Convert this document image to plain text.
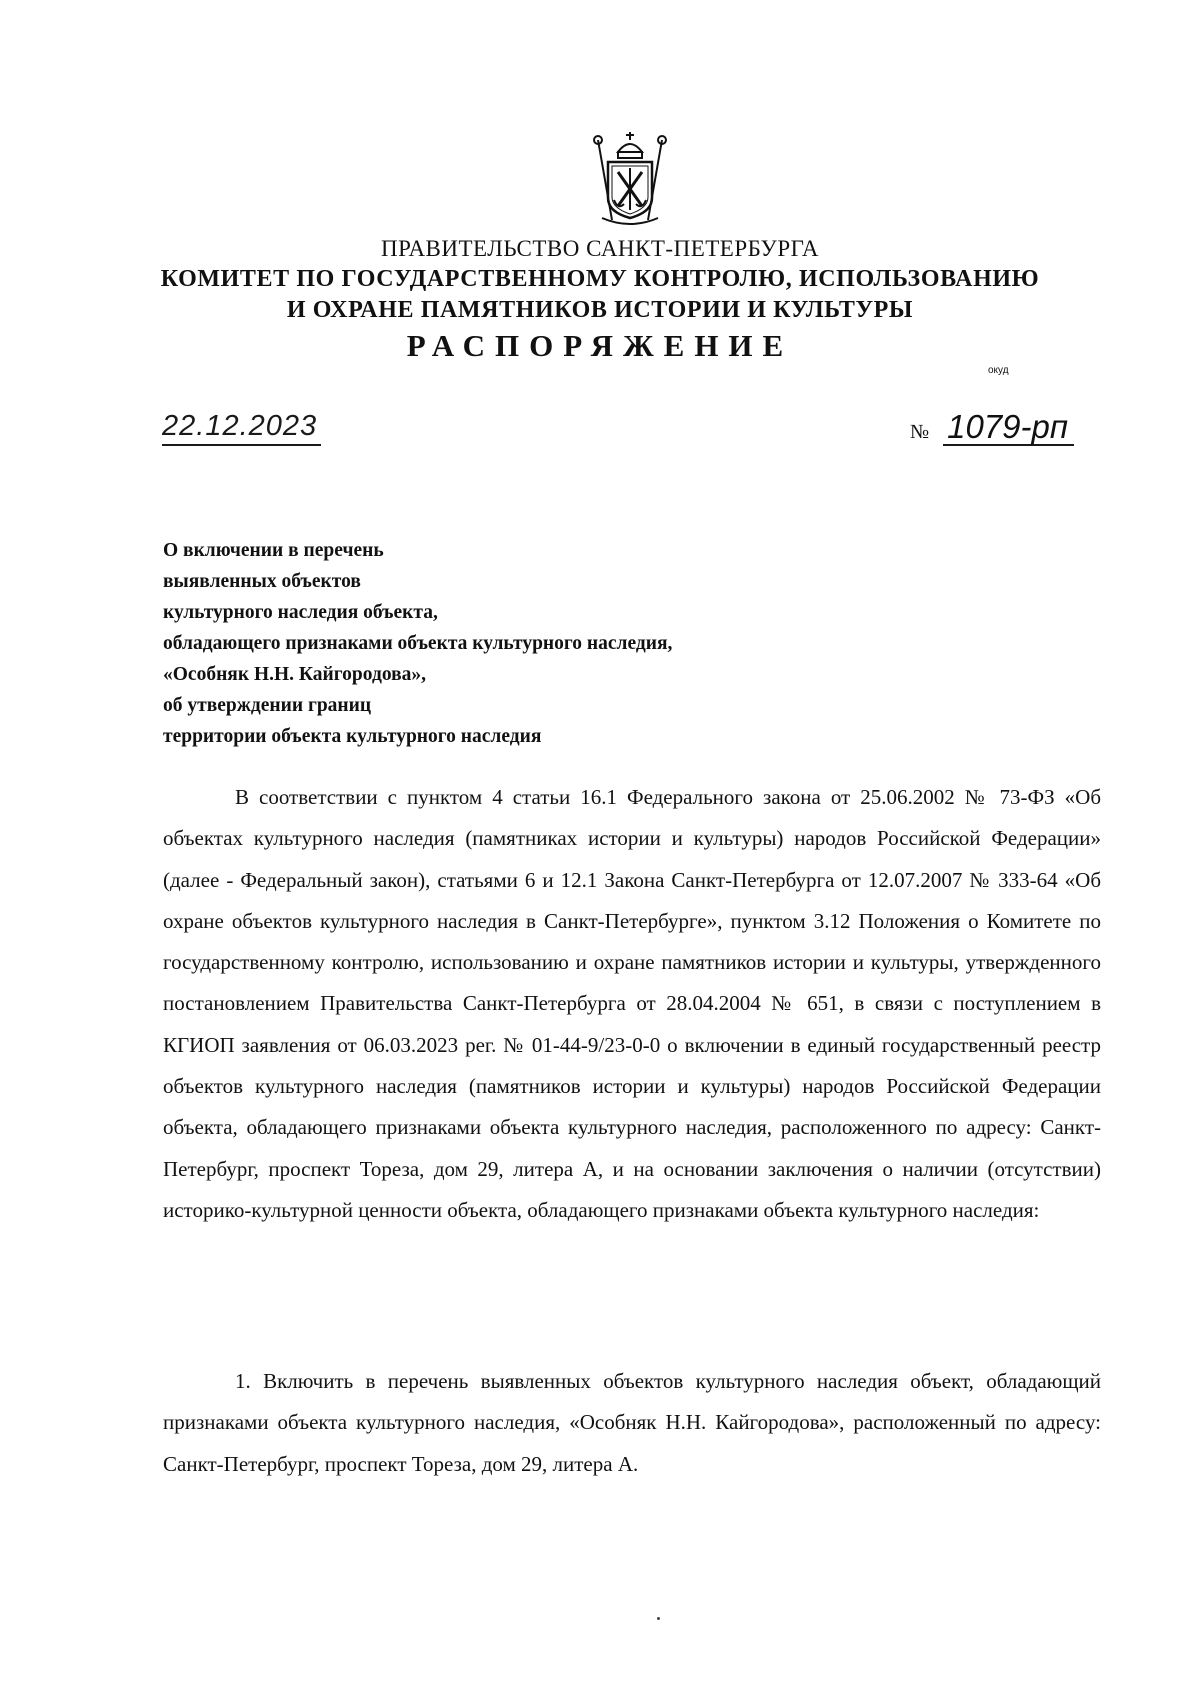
ПРАВИТЕЛЬСТВО САНКТ-ПЕТЕРБУРГА
КОМИТЕТ ПО ГОСУДАРСТВЕННОМУ КОНТРОЛЮ, ИСПОЛЬЗОВАНИЮ
И ОХРАНЕ ПАМЯТНИКОВ ИСТОРИИ И КУЛЬТУРЫ
РАСПОРЯЖЕНИЕ
окуд
22.12.2023	№ 1079-рп
О включении в перечень
выявленных объектов
культурного наследия объекта,
обладающего признаками объекта культурного наследия,
«Особняк Н.Н. Кайгородова»,
об утверждении границ
территории объекта культурного наследия

В соответствии с пунктом 4 статьи 16.1 Федерального закона от 25.06.2002 № 73-ФЗ «Об объектах культурного наследия (памятниках истории и культуры) народов Российской Федерации» (далее - Федеральный закон), статьями 6 и 12.1 Закона Санкт-Петербурга от 12.07.2007 № 333-64 «Об охране объектов культурного наследия в Санкт-Петербурге», пунктом 3.12 Положения о Комитете по государственному контролю, использованию и охране памятников истории и культуры, утвержденного постановлением Правительства Санкт-Петербурга от 28.04.2004 № 651, в связи с поступлением в КГИОП заявления от 06.03.2023 рег. № 01-44-9/23-0-0 о включении в единый государственный реестр объектов культурного наследия (памятников истории и культуры) народов Российской Федерации объекта, обладающего признаками объекта культурного наследия, расположенного по адресу: Санкт-Петербург, проспект Тореза, дом 29, литера А, и на основании заключения о наличии (отсутствии) историко-культурной ценности объекта, обладающего признаками объекта культурного наследия:

1. Включить в перечень выявленных объектов культурного наследия объект, обладающий признаками объекта культурного наследия, «Особняк Н.Н. Кайгородова», расположенный по адресу: Санкт-Петербург, проспект Тореза, дом 29, литера А.
